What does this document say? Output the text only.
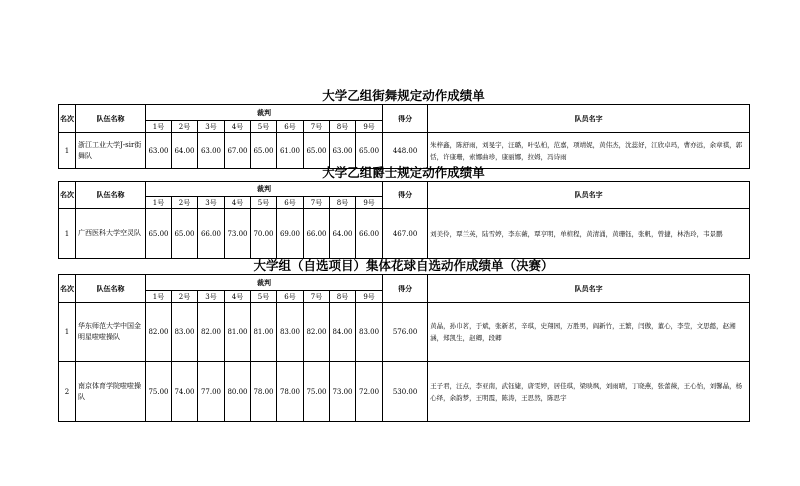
大学乙组街舞规定动作成绩单
名次	队伍名称	裁判									得分	队员名字
		1号	2号	3号	4号	5号	6号	7号	8号	9号		
1	浙江工业大学J-sir街舞队	63.00	64.00	63.00	67.00	65.00	61.00	65.00	63.00	65.00	448.00	朱梓鑫，陈舒雨，刘旻宇，汪璐，叶弘柏，范嘉，项靖妮，黄伟杰，沈蕊妤，江欣卓玛，曹亦远，余章祺，郭恬，许康珊，索娜曲珍，康丽娜，拉姆，冯诗雨
大学乙组爵士规定动作成绩单
名次	队伍名称	裁判									得分	队员名字
		1号	2号	3号	4号	5号	6号	7号	8号	9号		
1	广西医科大学空灵队	65.00	65.00	66.00	73.00	70.00	69.00	66.00	64.00	66.00	467.00	刘美伶，覃兰英，陆雪婷，李东薇，覃亨明，单楦程，黄清涌，黄珊钰，张帆，曾捷，林浩玲，韦景鹏
大学组（自选项目）集体花球自选动作成绩单（决赛）
名次	队伍名称	裁判									得分	队员名字
		1号	2号	3号	4号	5号	6号	7号	8号	9号		
1	华东师范大学中国金明星啦啦操队	82.00	83.00	82.00	81.00	81.00	83.00	82.00	84.00	83.00	576.00	黄晶，孙巾茗，于斌，张新茗，辛琪，史翔园，万胜男，阎新竹，王繁，闫傲，董心，李莹，文思懿，赵湘涵，郑凯生，赵卿，段卿
2	南京体育学院啦啦操队	75.00	74.00	77.00	80.00	78.00	78.00	75.00	73.00	72.00	530.00	王子君，汪点，李亚南，武钰婕，唐雯婷，居佳琪，梁映飒，刘雨晴，丁晓燕，张蕾薇，王心怡，刘馨晶，杨心绎，余韵梦，王明霞，陈涛，王思然，陈思宇
